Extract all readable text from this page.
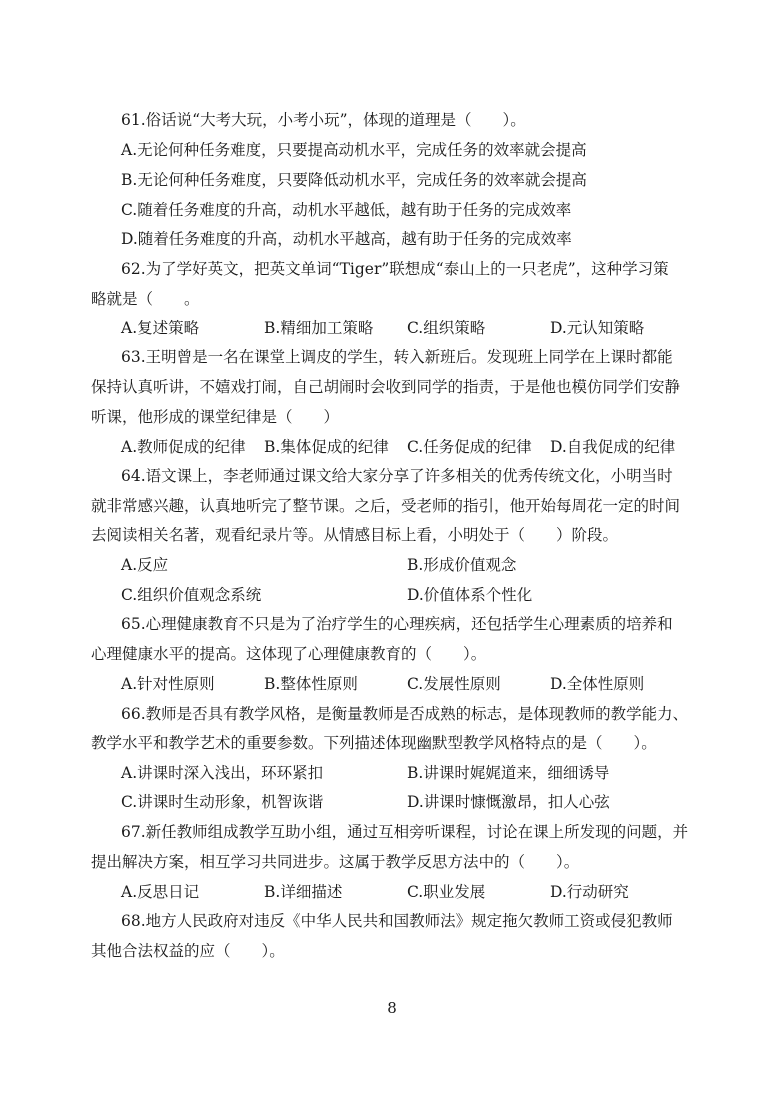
61.俗话说“大考大玩，小考小玩”，体现的道理是（　　）。
A.无论何种任务难度，只要提高动机水平，完成任务的效率就会提高
B.无论何种任务难度，只要降低动机水平，完成任务的效率就会提高
C.随着任务难度的升高，动机水平越低，越有助于任务的完成效率
D.随着任务难度的升高，动机水平越高，越有助于任务的完成效率
62.为了学好英文，把英文单词“Tiger”联想成“泰山上的一只老虎”，这种学习策
略就是（　　。
A.复述策略	B.精细加工策略 C.组织策略	D.元认知策略
63.王明曾是一名在课堂上调皮的学生，转入新班后。发现班上同学在上课时都能
保持认真听讲，不嬉戏打闹，自己胡闹时会收到同学的指责，于是他也模仿同学们安静
听课，他形成的课堂纪律是（　　）
A.教师促成的纪律 B.集体促成的纪律 C.任务促成的纪律 D.自我促成的纪律
64.语文课上，李老师通过课文给大家分享了许多相关的优秀传统文化，小明当时
就非常感兴趣，认真地听完了整节课。之后，受老师的指引，他开始每周花一定的时间
去阅读相关名著，观看纪录片等。从情感目标上看，小明处于（　　）阶段。
A.反应	B.形成价值观念
C.组织价值观念系统	D.价值体系个性化
65.心理健康教育不只是为了治疗学生的心理疾病，还包括学生心理素质的培养和
心理健康水平的提高。这体现了心理健康教育的（　　）。
A.针对性原则	B.整体性原则	C.发展性原则	D.全体性原则
66.教师是否具有教学风格，是衡量教师是否成熟的标志，是体现教师的教学能力、
教学水平和教学艺术的重要参数。下列描述体现幽默型教学风格特点的是（　　）。
A.讲课时深入浅出，环环紧扣	B.讲课时娓娓道来，细细诱导
C.讲课时生动形象，机智诙谐	D.讲课时慷慨激昂，扣人心弦
67.新任教师组成教学互助小组，通过互相旁听课程，讨论在课上所发现的问题，并
提出解决方案，相互学习共同进步。这属于教学反思方法中的（　　）。
A.反思日记	B.详细描述	C.职业发展	D.行动研究
68.地方人民政府对违反《中华人民共和国教师法》规定拖欠教师工资或侵犯教师
其他合法权益的应（　　）。
8
